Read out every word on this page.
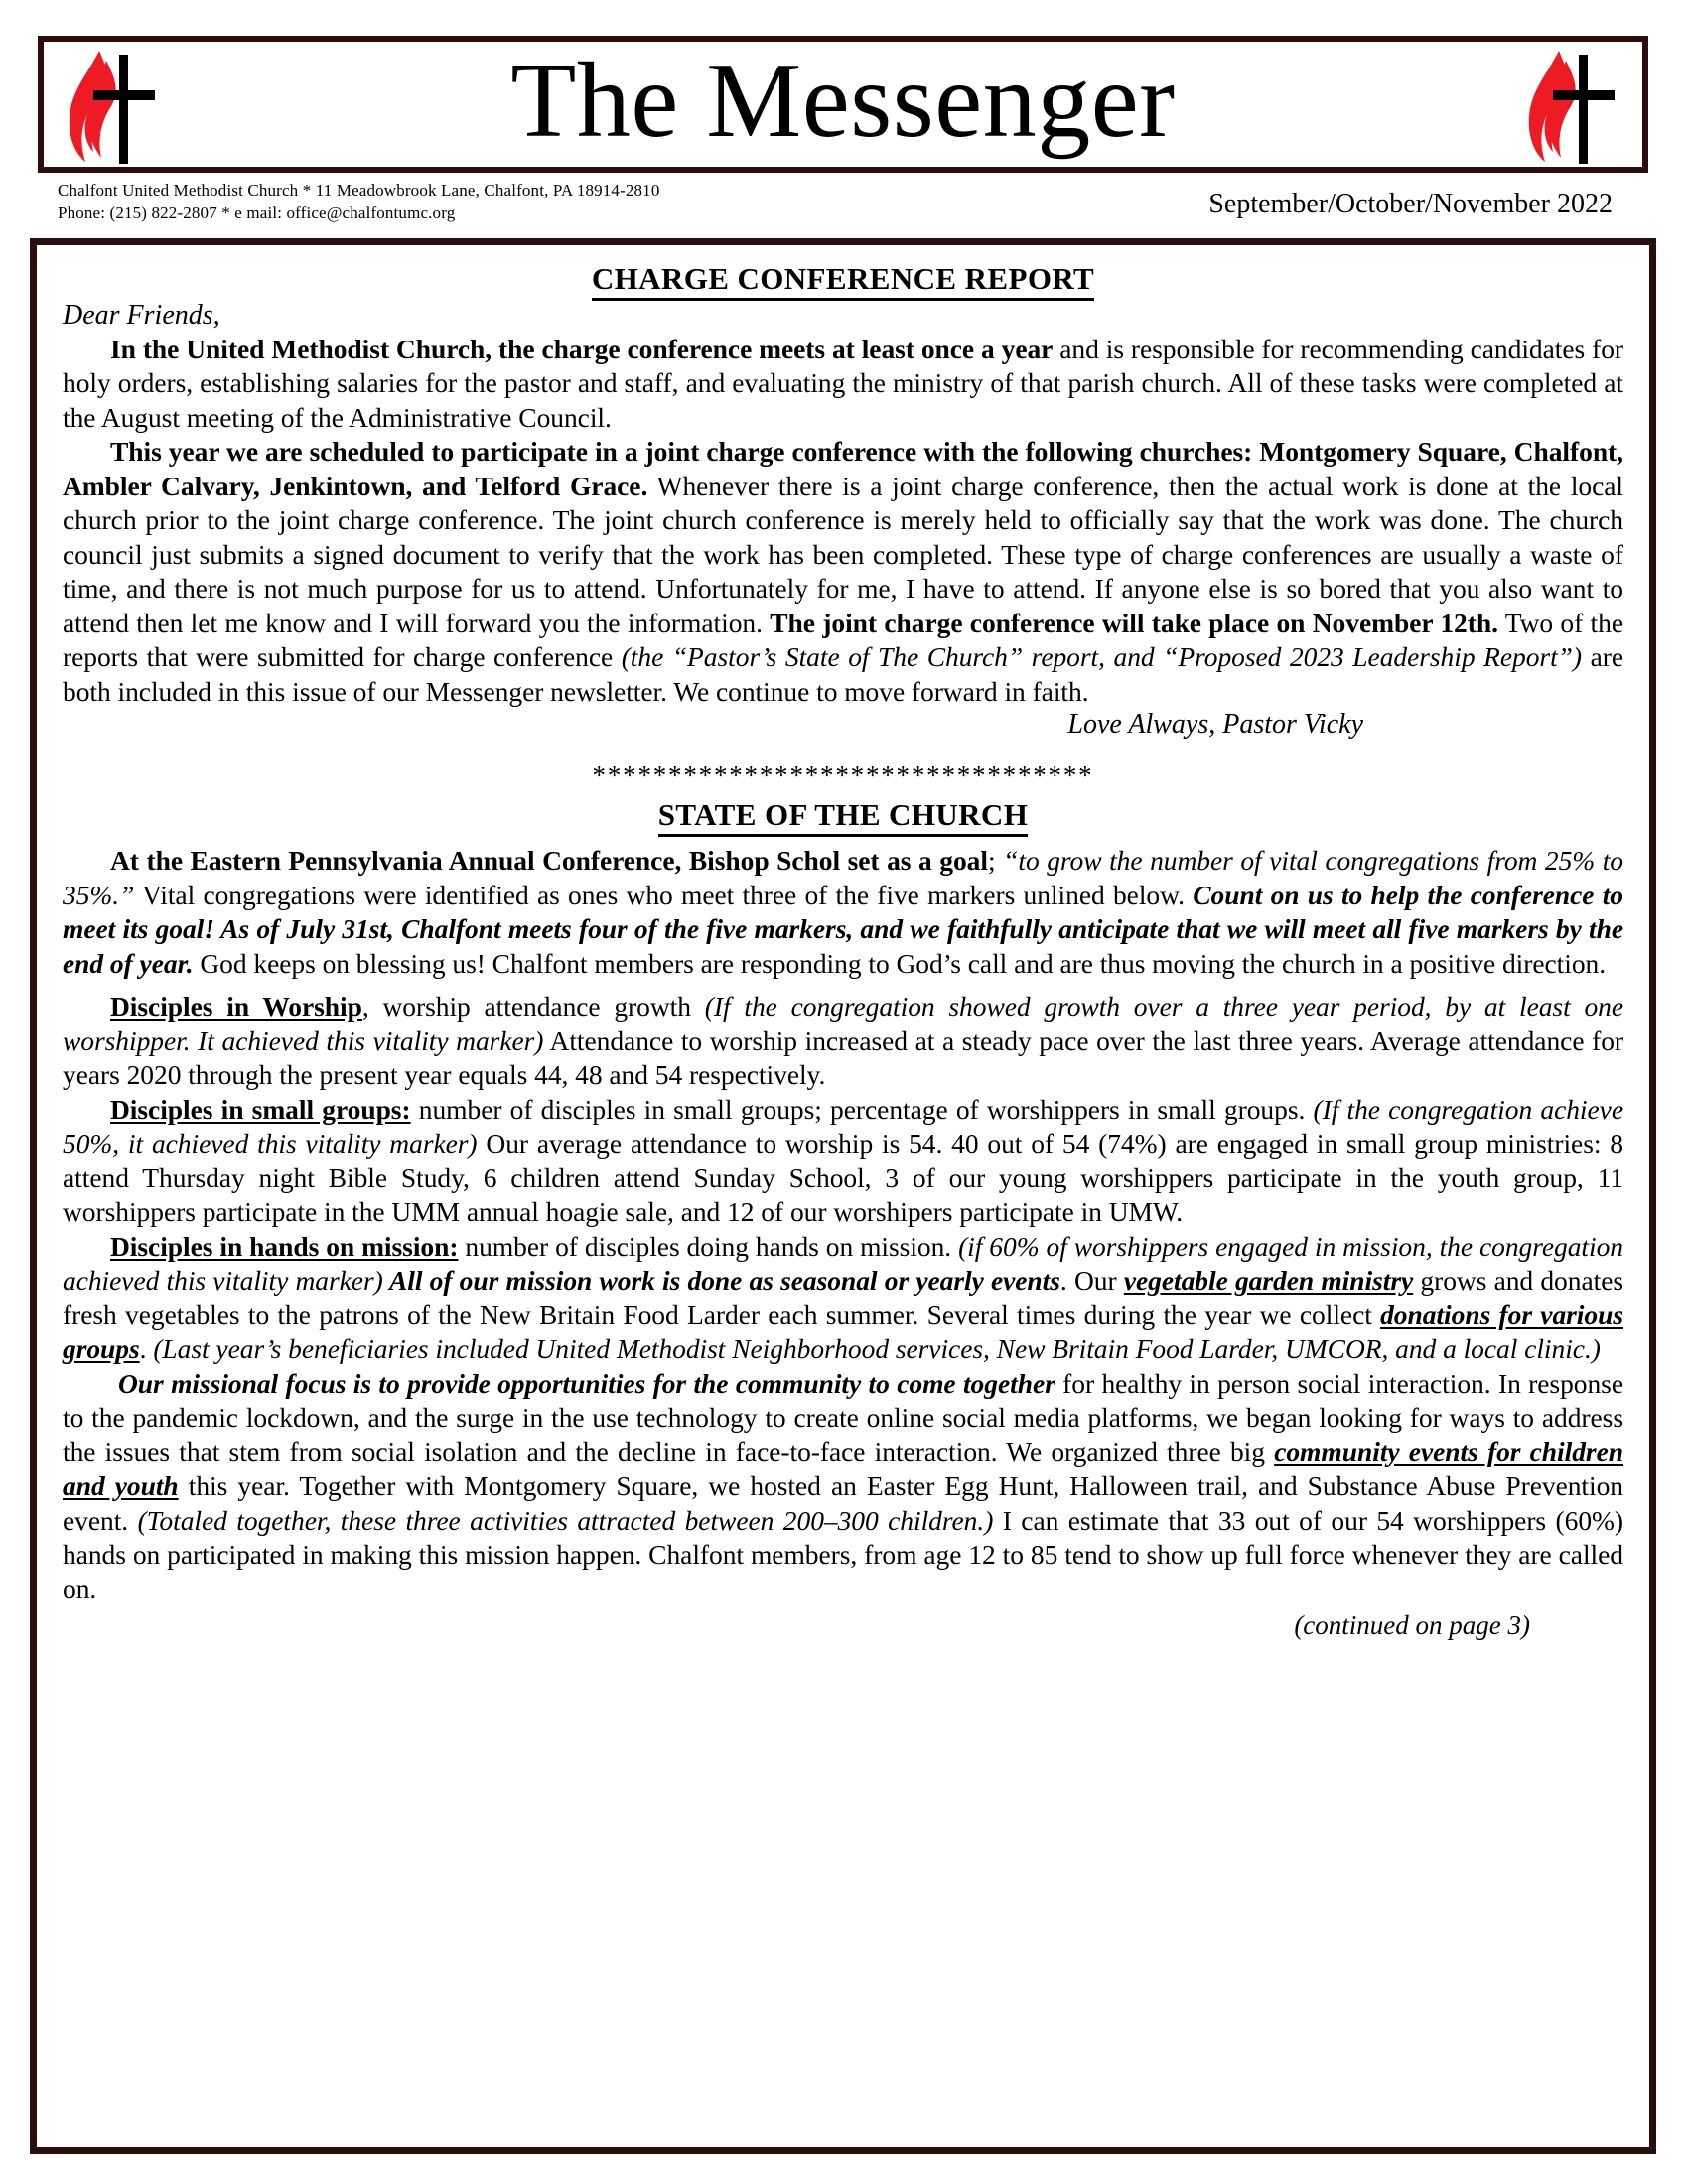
The Messenger
Chalfont United Methodist Church * 11 Meadowbrook Lane, Chalfont, PA 18914-2810
Phone: (215) 822-2807 * e mail: office@chalfontumc.org	September/October/November 2022
CHARGE CONFERENCE REPORT

Dear Friends,

In the United Methodist Church, the charge conference meets at least once a year and is responsible for recommending candidates for holy orders, establishing salaries for the pastor and staff, and evaluating the ministry of that parish church. All of these tasks were completed at the August meeting of the Administrative Council.

This year we are scheduled to participate in a joint charge conference with the following churches: Montgomery Square, Chalfont, Ambler Calvary, Jenkintown, and Telford Grace. Whenever there is a joint charge conference, then the actual work is done at the local church prior to the joint charge conference. The joint church conference is merely held to officially say that the work was done. The church council just submits a signed document to verify that the work has been completed. These type of charge conferences are usually a waste of time, and there is not much purpose for us to attend. Unfortunately for me, I have to attend. If anyone else is so bored that you also want to attend then let me know and I will forward you the information. The joint charge conference will take place on November 12th. Two of the reports that were submitted for charge conference (the “Pastor’s State of The Church” report, and “Proposed 2023 Leadership Report”) are both included in this issue of our Messenger newsletter. We continue to move forward in faith.

Love Always, Pastor Vicky
*********************************
STATE OF THE CHURCH

At the Eastern Pennsylvania Annual Conference, Bishop Schol set as a goal; “to grow the number of vital congregations from 25% to 35%.” Vital congregations were identified as ones who meet three of the five markers unlined below. Count on us to help the conference to meet its goal! As of July 31st, Chalfont meets four of the five markers, and we faithfully anticipate that we will meet all five markers by the end of year. God keeps on blessing us! Chalfont members are responding to God’s call and are thus moving the church in a positive direction.

Disciples in Worship, worship attendance growth (If the congregation showed growth over a three year period, by at least one worshipper. It achieved this vitality marker) Attendance to worship increased at a steady pace over the last three years. Average attendance for years 2020 through the present year equals 44, 48 and 54 respectively.

Disciples in small groups: number of disciples in small groups; percentage of worshippers in small groups. (If the congregation achieve 50%, it achieved this vitality marker) Our average attendance to worship is 54. 40 out of 54 (74%) are engaged in small group ministries: 8 attend Thursday night Bible Study, 6 children attend Sunday School, 3 of our young worshippers participate in the youth group, 11 worshippers participate in the UMM annual hoagie sale, and 12 of our worshipers participate in UMW.

Disciples in hands on mission: number of disciples doing hands on mission. (if 60% of worshippers engaged in mission, the congregation achieved this vitality marker) All of our mission work is done as seasonal or yearly events. Our vegetable garden ministry grows and donates fresh vegetables to the patrons of the New Britain Food Larder each summer. Several times during the year we collect donations for various groups. (Last year’s beneficiaries included United Methodist Neighborhood services, New Britain Food Larder, UMCOR, and a local clinic.)

Our missional focus is to provide opportunities for the community to come together for healthy in person social interaction. In response to the pandemic lockdown, and the surge in the use technology to create online social media platforms, we began looking for ways to address the issues that stem from social isolation and the decline in face-to-face interaction. We organized three big community events for children and youth this year. Together with Montgomery Square, we hosted an Easter Egg Hunt, Halloween trail, and Substance Abuse Prevention event. (Totaled together, these three activities attracted between 200–300 children.) I can estimate that 33 out of our 54 worshippers (60%) hands on participated in making this mission happen. Chalfont members, from age 12 to 85 tend to show up full force whenever they are called on.

(continued on page 3)
